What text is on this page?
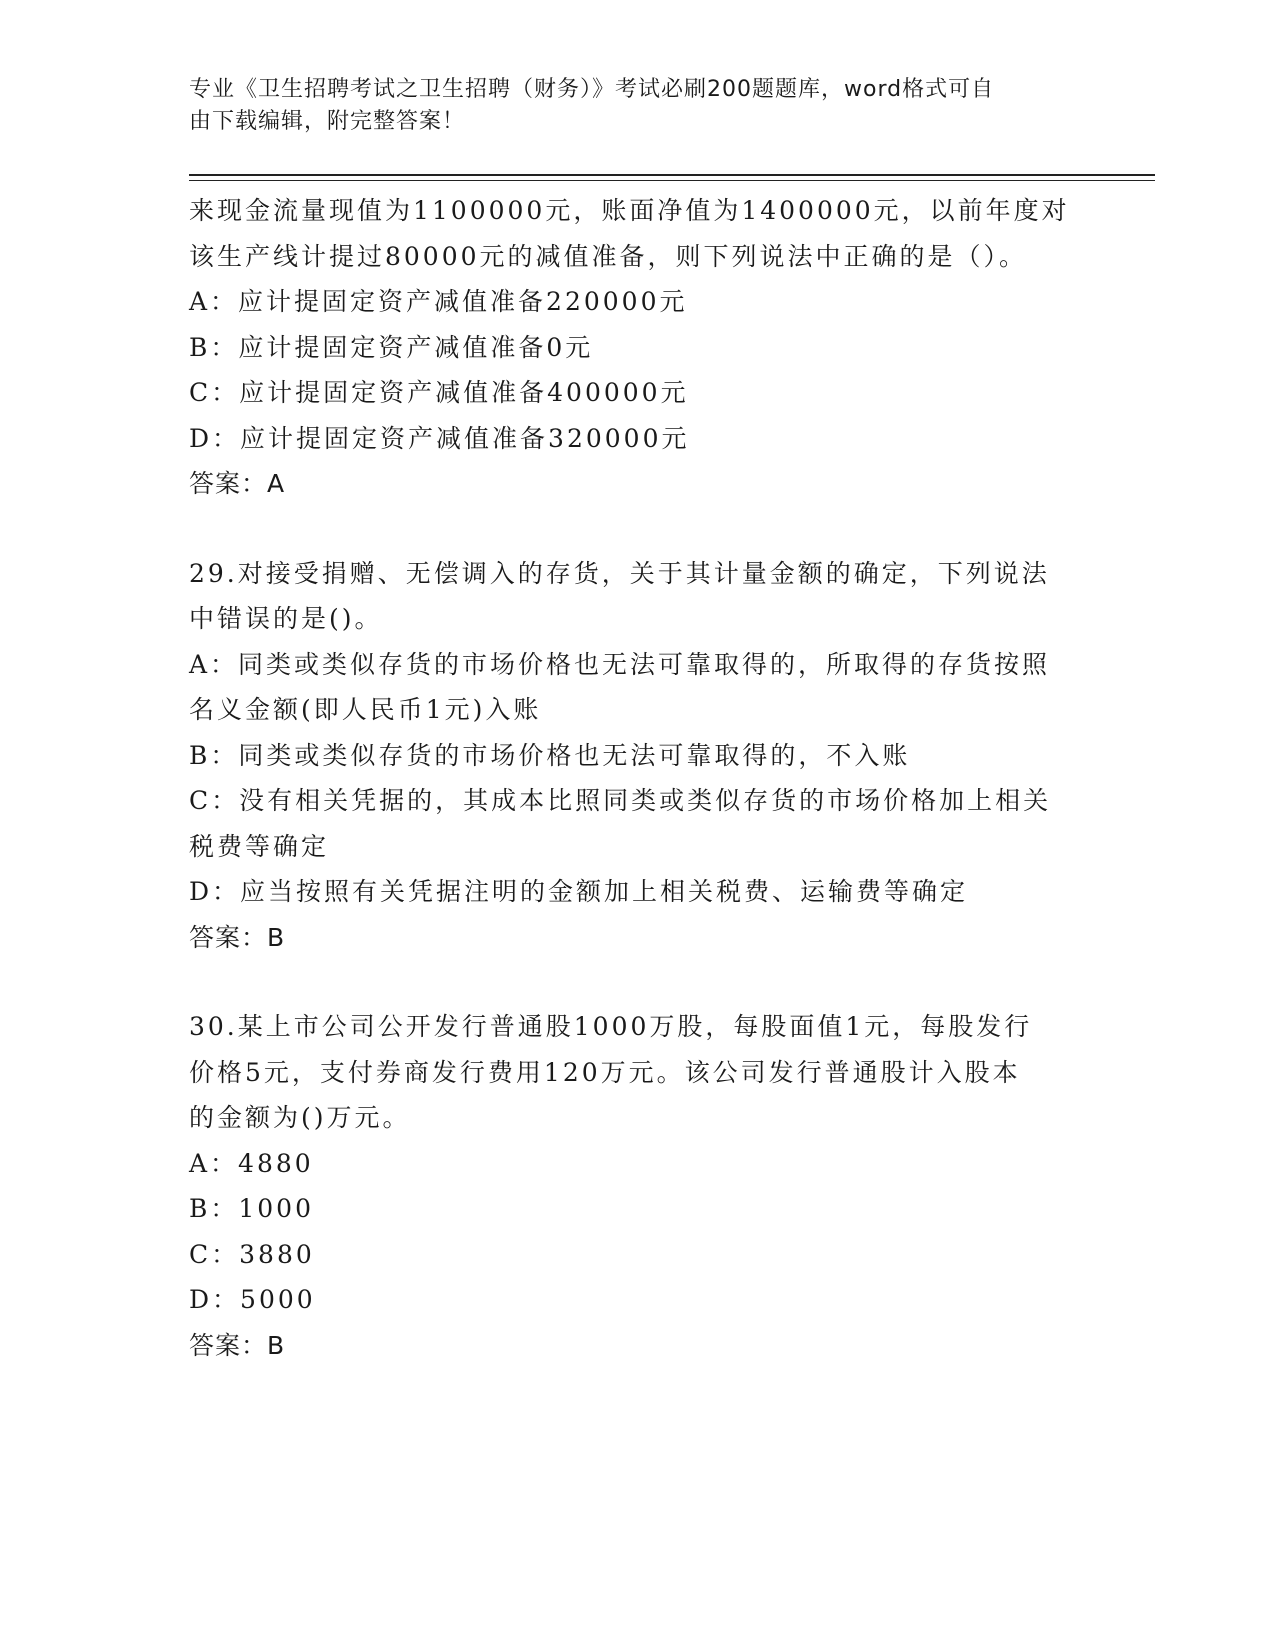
专业《卫生招聘考试之卫生招聘（财务）》考试必刷200题题库，word格式可自
由下载编辑，附完整答案！
来现金流量现值为1100000元，账面净值为1400000元，以前年度对
该生产线计提过80000元的减值准备，则下列说法中正确的是（）。
A：应计提固定资产减值准备220000元
B：应计提固定资产减值准备0元
C：应计提固定资产减值准备400000元
D：应计提固定资产减值准备320000元
答案：A
29.对接受捐赠、无偿调入的存货，关于其计量金额的确定，下列说法
中错误的是()。
A：同类或类似存货的市场价格也无法可靠取得的，所取得的存货按照
名义金额(即人民币1元)入账
B：同类或类似存货的市场价格也无法可靠取得的，不入账
C：没有相关凭据的，其成本比照同类或类似存货的市场价格加上相关
税费等确定
D：应当按照有关凭据注明的金额加上相关税费、运输费等确定
答案：B
30.某上市公司公开发行普通股1000万股，每股面值1元，每股发行
价格5元，支付券商发行费用120万元。该公司发行普通股计入股本
的金额为()万元。
A：4880
B：1000
C：3880
D：5000
答案：B
